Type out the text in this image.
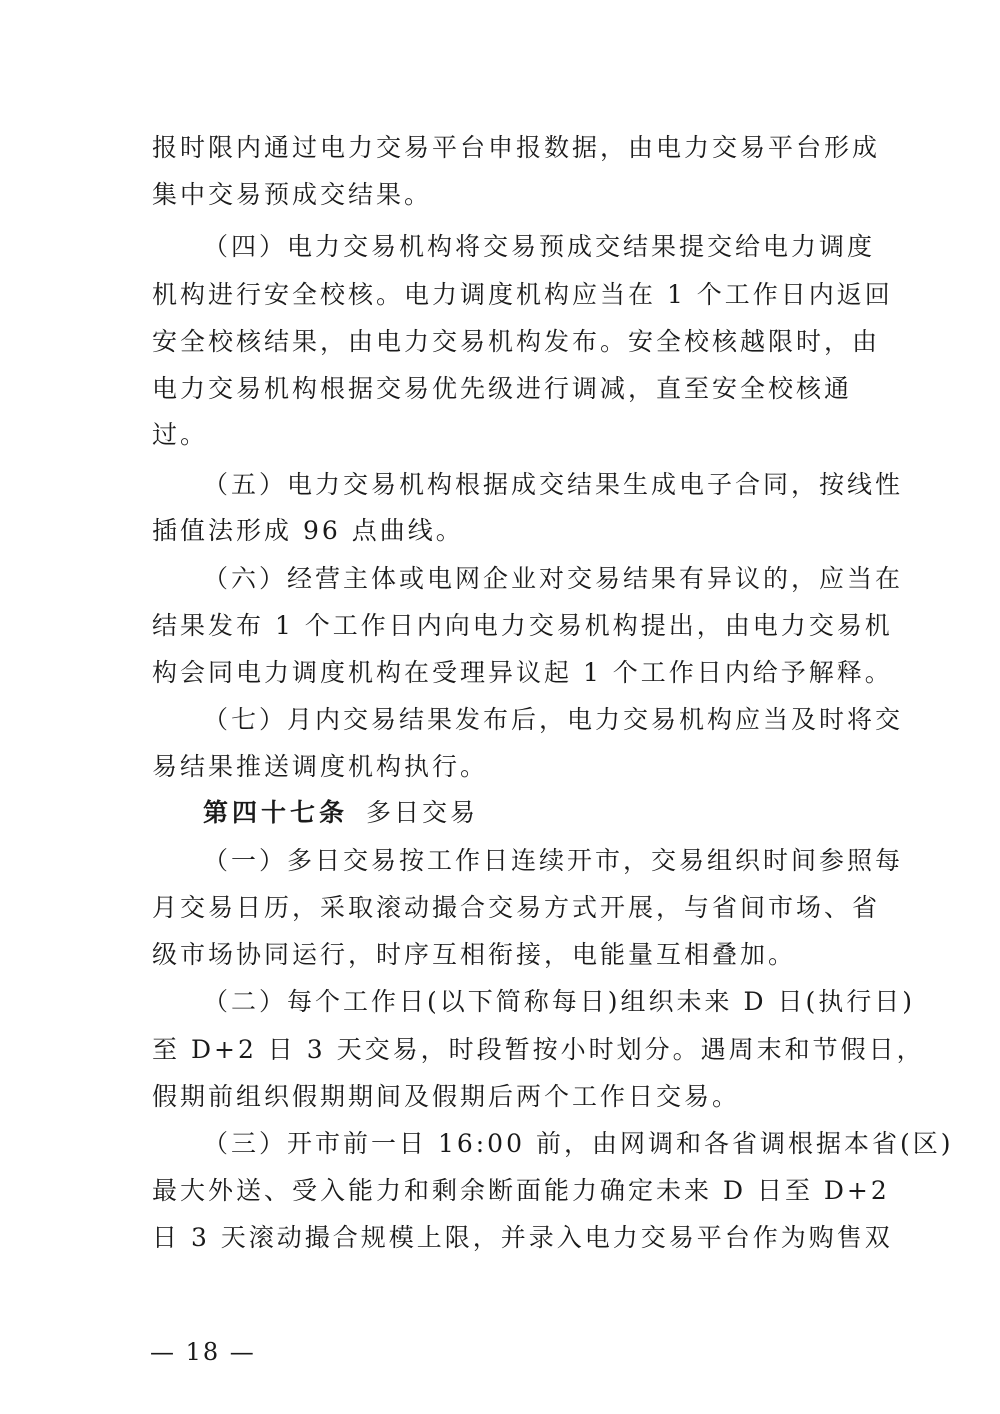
报时限内通过电力交易平台申报数据，由电力交易平台形成
集中交易预成交结果。
（四）电力交易机构将交易预成交结果提交给电力调度
机构进行安全校核。电力调度机构应当在 1 个工作日内返回
安全校核结果，由电力交易机构发布。安全校核越限时，由
电力交易机构根据交易优先级进行调减，直至安全校核通
过。
（五）电力交易机构根据成交结果生成电子合同，按线性
插值法形成 96 点曲线。
（六）经营主体或电网企业对交易结果有异议的，应当在
结果发布 1 个工作日内向电力交易机构提出，由电力交易机
构会同电力调度机构在受理异议起 1 个工作日内给予解释。
（七）月内交易结果发布后，电力交易机构应当及时将交
易结果推送调度机构执行。
第四十七条 多日交易
（一）多日交易按工作日连续开市，交易组织时间参照每
月交易日历，采取滚动撮合交易方式开展，与省间市场、省
级市场协同运行，时序互相衔接，电能量互相叠加。
（二）每个工作日(以下简称每日)组织未来 D 日(执行日)
至 D+2 日 3 天交易，时段暂按小时划分。遇周末和节假日，
假期前组织假期期间及假期后两个工作日交易。
（三）开市前一日 16:00 前，由网调和各省调根据本省(区)
最大外送、受入能力和剩余断面能力确定未来 D 日至 D+2
日 3 天滚动撮合规模上限，并录入电力交易平台作为购售双
— 18 —
